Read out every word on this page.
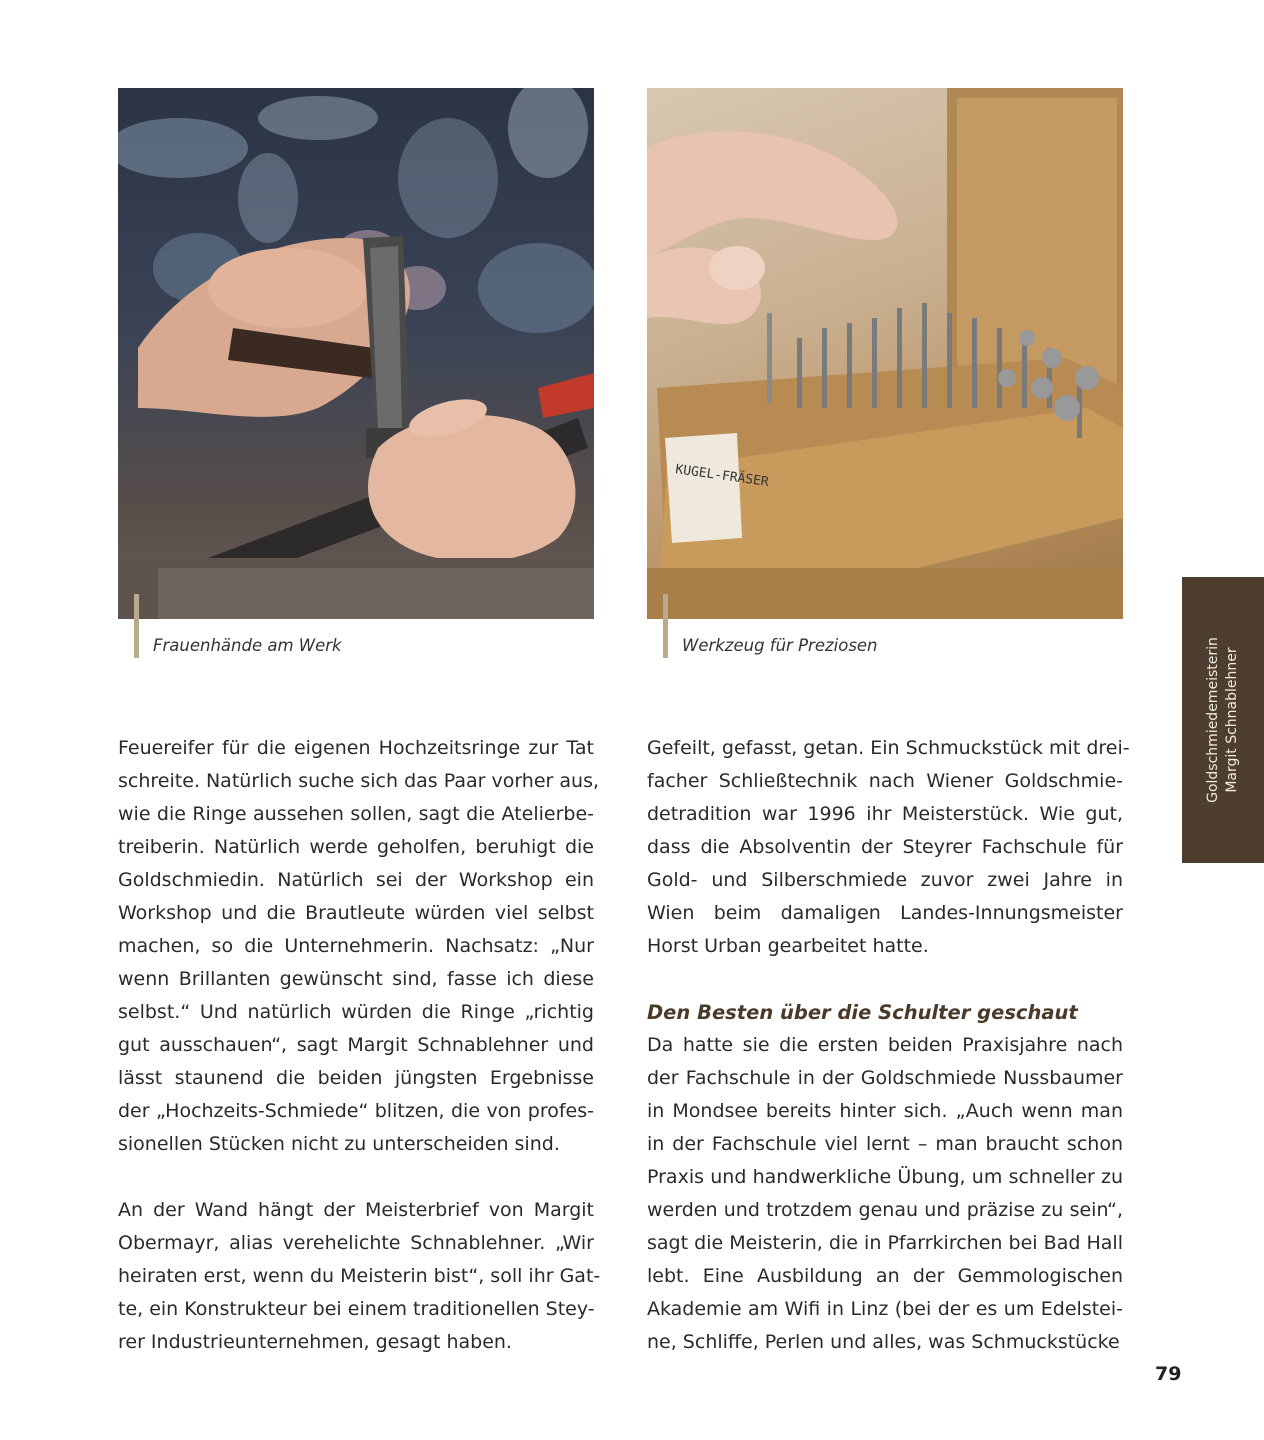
Frauenhände am Werk
KUGEL-FRÄSER
Werkzeug für Preziosen
Feuereifer für die eigenen Hochzeitsringe zur Tat
schreite. Natürlich suche sich das Paar vorher aus,
wie die Ringe aussehen sollen, sagt die Atelierbe-
treiberin. Natürlich werde geholfen, beruhigt die
Goldschmiedin. Natürlich sei der Workshop ein
Workshop und die Brautleute würden viel selbst
machen, so die Unternehmerin. Nachsatz: „Nur
wenn Brillanten gewünscht sind, fasse ich diese
selbst.“ Und natürlich würden die Ringe „richtig
gut ausschauen“, sagt Margit Schnablehner und
lässt staunend die beiden jüngsten Ergebnisse
der „Hochzeits-Schmiede“ blitzen, die von profes-
sionellen Stücken nicht zu unterscheiden sind.
An der Wand hängt der Meisterbrief von Margit
Obermayr, alias verehelichte Schnablehner. „Wir
heiraten erst, wenn du Meisterin bist“, soll ihr Gat-
te, ein Konstrukteur bei einem traditionellen Stey-
rer Industrieunternehmen, gesagt haben.
Gefeilt, gefasst, getan. Ein Schmuckstück mit drei-
facher Schließtechnik nach Wiener Goldschmie-
detradition war 1996 ihr Meisterstück. Wie gut,
dass die Absolventin der Steyrer Fachschule für
Gold- und Silberschmiede zuvor zwei Jahre in
Wien beim damaligen Landes-Innungsmeister
Horst Urban gearbeitet hatte.
Den Besten über die Schulter geschaut
Da hatte sie die ersten beiden Praxisjahre nach
der Fachschule in der Goldschmiede Nussbaumer
in Mondsee bereits hinter sich. „Auch wenn man
in der Fachschule viel lernt – man braucht schon
Praxis und handwerkliche Übung, um schneller zu
werden und trotzdem genau und präzise zu sein“,
sagt die Meisterin, die in Pfarrkirchen bei Bad Hall
lebt. Eine Ausbildung an der Gemmologischen
Akademie am Wifi in Linz (bei der es um Edelstei-
ne, Schliffe, Perlen und alles, was Schmuckstücke
Goldschmiedemeisterin Margit Schnablehner
79
